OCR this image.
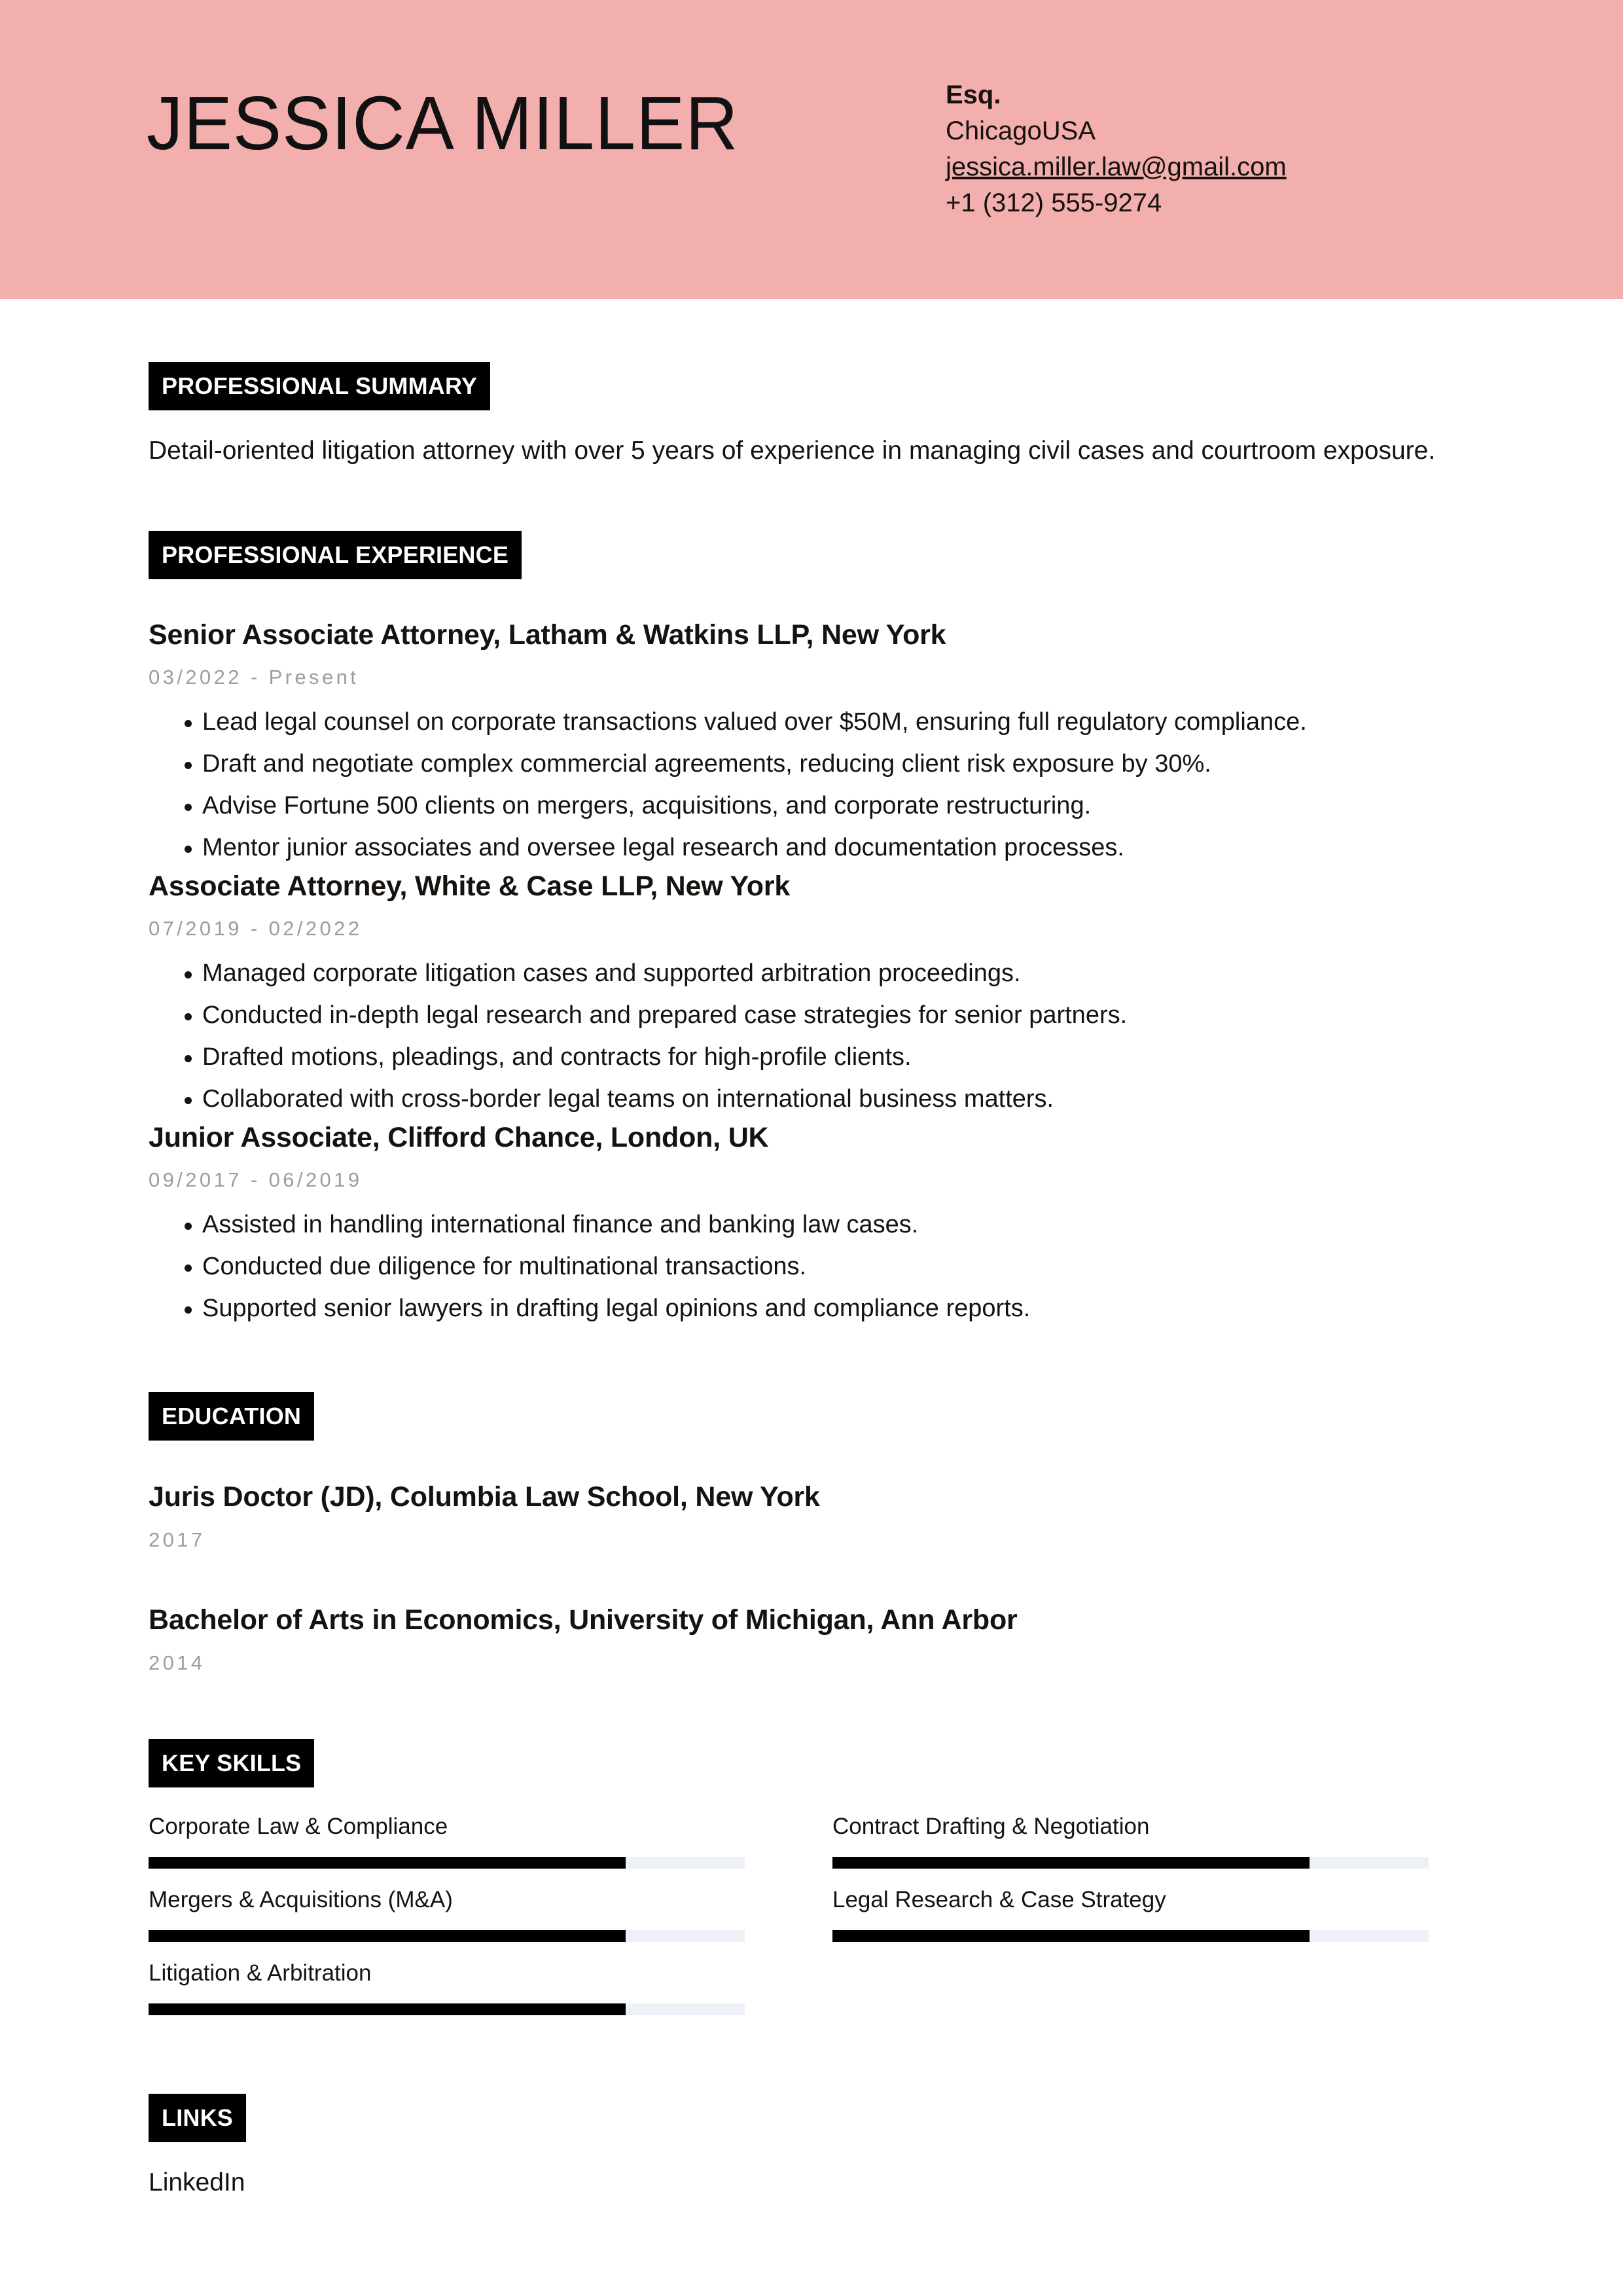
JESSICA MILLER	Esq.
ChicagoUSA
jessica.miller.law@gmail.com
+1 (312) 555-9274
PROFESSIONAL SUMMARY
Detail-oriented litigation attorney with over 5 years of experience in managing civil cases and courtroom exposure.
PROFESSIONAL EXPERIENCE
Senior Associate Attorney, Latham & Watkins LLP, New York
03/2022 - Present
Lead legal counsel on corporate transactions valued over $50M, ensuring full regulatory compliance.
Draft and negotiate complex commercial agreements, reducing client risk exposure by 30%.
Advise Fortune 500 clients on mergers, acquisitions, and corporate restructuring.
Mentor junior associates and oversee legal research and documentation processes.
Associate Attorney, White & Case LLP, New York
07/2019 - 02/2022
Managed corporate litigation cases and supported arbitration proceedings.
Conducted in-depth legal research and prepared case strategies for senior partners.
Drafted motions, pleadings, and contracts for high-profile clients.
Collaborated with cross-border legal teams on international business matters.
Junior Associate, Clifford Chance, London, UK
09/2017 - 06/2019
Assisted in handling international finance and banking law cases.
Conducted due diligence for multinational transactions.
Supported senior lawyers in drafting legal opinions and compliance reports.
EDUCATION
Juris Doctor (JD), Columbia Law School, New York
2017
Bachelor of Arts in Economics, University of Michigan, Ann Arbor
2014
KEY SKILLS
Corporate Law & Compliance
Mergers & Acquisitions (M&A)
Litigation & Arbitration
Contract Drafting & Negotiation
Legal Research & Case Strategy
LINKS
LinkedIn
